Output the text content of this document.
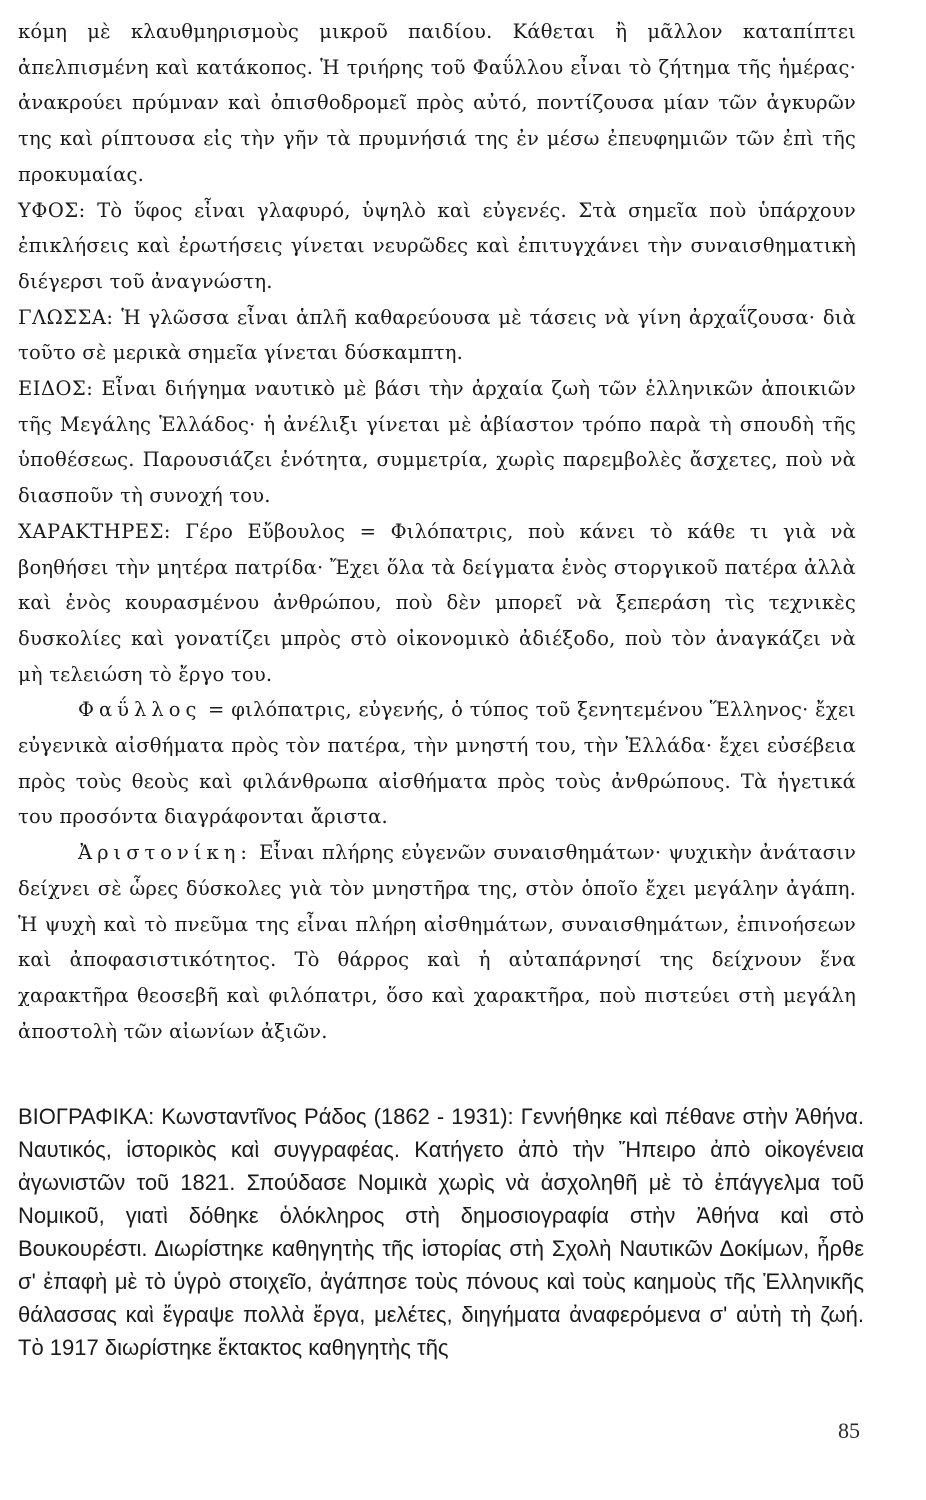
κόμη μὲ κλαυθμηρισμοὺς μικροῦ παιδίου. Κάθεται ἢ μᾶλλον καταπίπτει ἀπελπισμένη καὶ κατάκοπος. Ἡ τριήρης τοῦ Φαΰλλου εἶναι τὸ ζήτημα τῆς ἡμέρας· ἀνακρούει πρύμναν καὶ ὀπισθοδρομεῖ πρὸς αὐτό, ποντίζουσα μίαν τῶν ἀγκυρῶν της καὶ ρίπτουσα εἰς τὴν γῆν τὰ πρυμνήσιά της ἐν μέσω ἐπευφημιῶν τῶν ἐπὶ τῆς προκυμαίας.

ΥΦΟΣ: Τὸ ὕφος εἶναι γλαφυρό, ὑψηλὸ καὶ εὐγενές. Στὰ σημεῖα ποὺ ὑπάρχουν ἐπικλήσεις καὶ ἐρωτήσεις γίνεται νευρῶδες καὶ ἐπιτυγχάνει τὴν συναισθηματικὴ διέγερσι τοῦ ἀναγνώστη.

ΓΛΩΣΣΑ: Ἡ γλῶσσα εἶναι ἁπλῆ καθαρεύουσα μὲ τάσεις νὰ γίνη ἀρχαΐζουσα· διὰ τοῦτο σὲ μερικὰ σημεῖα γίνεται δύσκαμπτη.

ΕΙΔΟΣ: Εἶναι διήγημα ναυτικὸ μὲ βάσι τὴν ἀρχαία ζωὴ τῶν ἑλληνικῶν ἀποικιῶν τῆς Μεγάλης Ἑλλάδος· ἡ ἀνέλιξι γίνεται μὲ ἀβίαστον τρόπο παρὰ τὴ σπουδὴ τῆς ὑποθέσεως. Παρουσιάζει ἑνότητα, συμμετρία, χωρὶς παρεμβολὲς ἄσχετες, ποὺ νὰ διασποῦν τὴ συνοχή του.

ΧΑΡΑΚΤΗΡΕΣ: Γέρο Εὔβουλος = Φιλόπατρις, ποὺ κάνει τὸ κάθε τι γιὰ νὰ βοηθήσει τὴν μητέρα πατρίδα· Ἔχει ὅλα τὰ δείγματα ἑνὸς στοργικοῦ πατέρα ἀλλὰ καὶ ἑνὸς κουρασμένου ἀνθρώπου, ποὺ δὲν μπορεῖ νὰ ξεπεράση τὶς τεχνικὲς δυσκολίες καὶ γονατίζει μπρὸς στὸ οἰκονομικὸ ἀδιέξοδο, ποὺ τὸν ἀναγκάζει νὰ μὴ τελειώση τὸ ἔργο του.

Φαΰλλος = φιλόπατρις, εὐγενής, ὁ τύπος τοῦ ξενητεμένου Ἕλληνος· ἔχει εὐγενικὰ αἰσθήματα πρὸς τὸν πατέρα, τὴν μνηστή του, τὴν Ἑλλάδα· ἔχει εὐσέβεια πρὸς τοὺς θεοὺς καὶ φιλάνθρωπα αἰσθήματα πρὸς τοὺς ἀνθρώπους. Τὰ ἡγετικά του προσόντα διαγράφονται ἄριστα.

Ἀριστονίκη: Εἶναι πλήρης εὐγενῶν συναισθημάτων· ψυχικὴν ἀνάτασιν δείχνει σὲ ὧρες δύσκολες γιὰ τὸν μνηστῆρα της, στὸν ὁποῖο ἔχει μεγάλην ἀγάπη. Ἡ ψυχὴ καὶ τὸ πνεῦμα της εἶναι πλήρη αἰσθημάτων, συναισθημάτων, ἐπινοήσεων καὶ ἀποφασιστικότητος. Τὸ θάρρος καὶ ἡ αὐταπάρνησί της δείχνουν ἕνα χαρακτῆρα θεοσεβῆ καὶ φιλόπατρι, ὅσο καὶ χαρακτῆρα, ποὺ πιστεύει στὴ μεγάλη ἀποστολὴ τῶν αἰωνίων ἀξιῶν.

ΒΙΟΓΡΑΦΙΚΑ: Κωνσταντῖνος Ράδος (1862 - 1931): Γεννήθηκε καὶ πέθανε στὴν Ἀθήνα. Ναυτικός, ἱστορικὸς καὶ συγγραφέας. Κατήγετο ἀπὸ τὴν Ἤπειρο ἀπὸ οἰκογένεια ἀγωνιστῶν τοῦ 1821. Σπούδασε Νομικὰ χωρὶς νὰ ἀσχοληθῆ μὲ τὸ ἐπάγγελμα τοῦ Νομικοῦ, γιατὶ δόθηκε ὁλόκληρος στὴ δημοσιογραφία στὴν Ἀθήνα καὶ στὸ Βουκουρέστι. Διωρίστηκε καθηγητὴς τῆς ἱστορίας στὴ Σχολὴ Ναυτικῶν Δοκίμων, ἦρθε σ' ἐπαφὴ μὲ τὸ ὑγρὸ στοιχεῖο, ἀγάπησε τοὺς πόνους καὶ τοὺς καημοὺς τῆς Ἑλληνικῆς θάλασσας καὶ ἔγραψε πολλὰ ἔργα, μελέτες, διηγήματα ἀναφερόμενα σ' αὐτὴ τὴ ζωή. Τὸ 1917 διωρίστηκε ἔκτακτος καθηγητὴς τῆς

85
